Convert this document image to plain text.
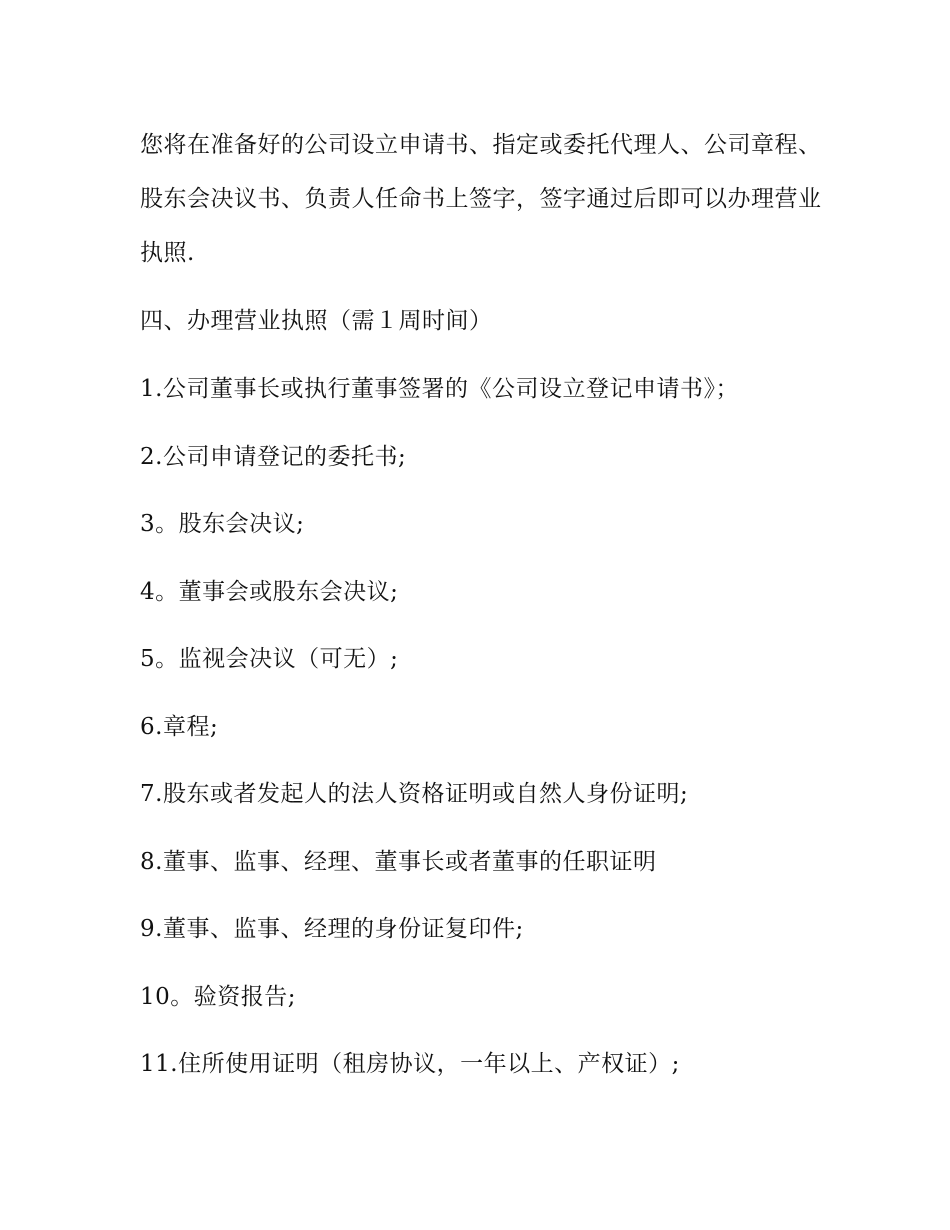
您将在准备好的公司设立申请书、指定或委托代理人、公司章程、股东会决议书、负责人任命书上签字，签字通过后即可以办理营业执照.

四、办理营业执照（需１周时间）
1.公司董事长或执行董事签署的《公司设立登记申请书》；
2.公司申请登记的委托书;
3。股东会决议;
4。董事会或股东会决议;
5。监视会决议（可无）;
6.章程;
7.股东或者发起人的法人资格证明或自然人身份证明;
8.董事、监事、经理、董事长或者董事的任职证明
9.董事、监事、经理的身份证复印件;
10。验资报告;
11.住所使用证明（租房协议，一年以上、产权证）;
